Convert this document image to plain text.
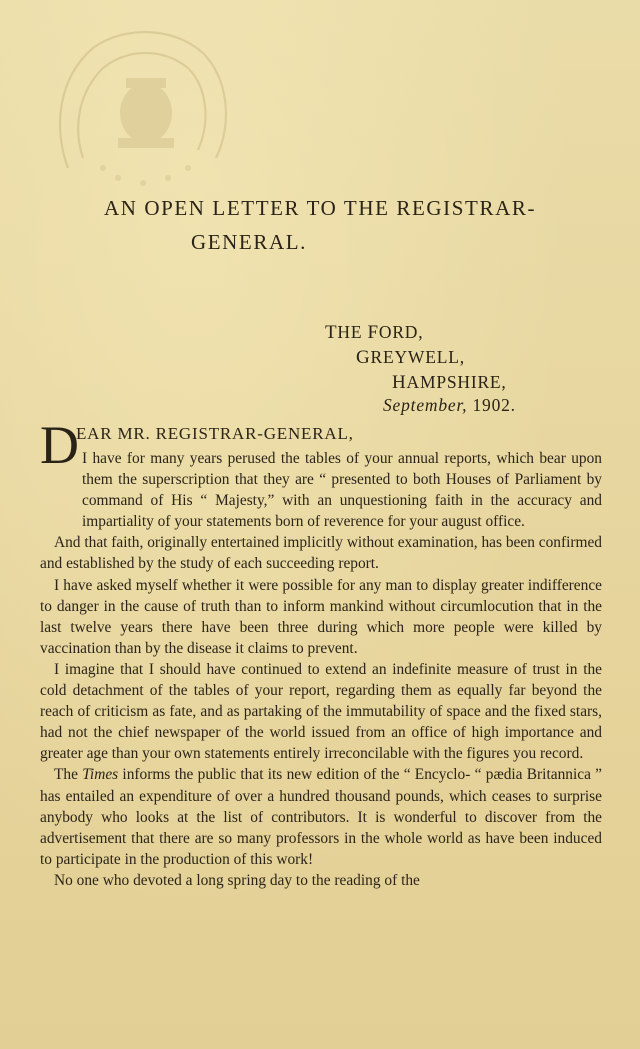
AN OPEN LETTER TO THE REGISTRAR-
GENERAL.
THE FORD,
GREYWELL,
HAMPSHIRE,
September, 1902.
D
EAR MR. REGISTRAR-GENERAL,

I have for many years perused the tables of your annual reports, which bear upon them the superscription that they are “ presented to both Houses of Parliament by command of His “ Majesty,” with an unquestioning faith in the accuracy and impartiality of your statements born of reverence for your august office.

And that faith, originally entertained implicitly without examination, has been confirmed and established by the study of each succeeding report.

I have asked myself whether it were possible for any man to display greater indifference to danger in the cause of truth than to inform mankind without circumlocution that in the last twelve years there have been three during which more people were killed by vaccination than by the disease it claims to prevent.

I imagine that I should have continued to extend an indefinite measure of trust in the cold detachment of the tables of your report, regarding them as equally far beyond the reach of criticism as fate, and as partaking of the immutability of space and the fixed stars, had not the chief newspaper of the world issued from an office of high importance and greater age than your own statements entirely irreconcilable with the figures you record.

The Times informs the public that its new edition of the “ Encyclo- “ pædia Britannica ” has entailed an expenditure of over a hundred thousand pounds, which ceases to surprise anybody who looks at the list of contributors. It is wonderful to discover from the advertisement that there are so many professors in the whole world as have been induced to participate in the production of this work!

No one who devoted a long spring day to the reading of the
